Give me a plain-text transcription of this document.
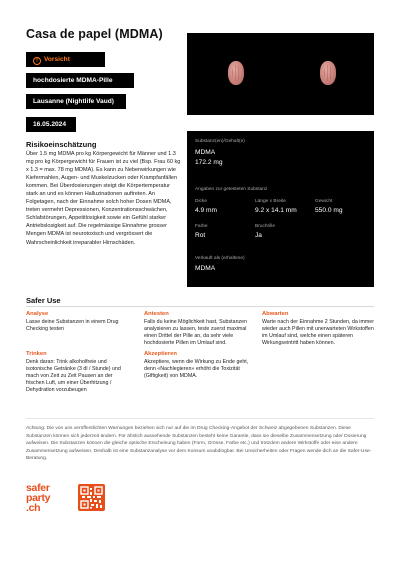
Casa de papel (MDMA)
! Vorsicht
hochdosierte MDMA-Pille
Lausanne (Nightlife Vaud)
16.05.2024
Risikoeinschätzung
Über 1.5 mg MDMA pro kg Körpergewicht für Männer und 1.3 mg pro kg Körpergewicht für Frauen ist zu viel (Bsp. Frau 60 kg x 1.3 = max. 78 mg MDMA). Es kann zu Nebenwirkungen wie Kiefermahlen, Augen- und Muskelzucken oder Krampfanfällen kommen. Bei Überdosierungen steigt die Körpertemperatur stark an und es können Halluzinationen auftreten. An Folgetagen, nach der Einnahme solch hoher Dosen MDMA, treten vermehrt Depressionen, Konzentrationsschwächen, Schlafstörungen, Appetitlosigkeit sowie ein Gefühl starker Antriebslosigkeit auf. Die regelmässige Einnahme grosser Mengen MDMA ist neurotoxisch und vergrössert die Wahrscheinlichkeit irreparabler Hirnschäden.
Substanz(en)/Gehalt(e)
MDMA
172.2 mg
Angaben zur getesteten Substanz
Dicke
4.9 mm
Länge x Breite
9.2 x 14.1 mm
Gewicht
550.0 mg
Farbe
Rot
Bruchrille
Ja
Verkauft als (erhaltene)
MDMA
Safer Use
Analyse
Lasse deine Substanzen in einem Drug Checking testen
Antesten
Falls du keine Möglichkeit hast, Substanzen analysieren zu lassen, teste zuerst maximal einen Drittel der Pille an, da sehr viele hochdosierte Pillen im Umlauf sind.
Abwarten
Warte nach der Einnahme 2 Stunden, da immer wieder auch Pillen mit unerwarteten Wirkstoffen im Umlauf sind, welche einen späteren Wirkungseintritt haben können.
Trinken
Denk daran: Trink alkoholfreie und isotonische Getränke (3 dl / Stunde) und mach von Zeit zu Zeit Pausen an der frischen Luft, um einer Überhitzung / Dehydration vorzubeugen
Akzeptieren
Akzeptiere, wenn die Wirkung zu Ende geht, denn «Nachlegieren» erhöht die Toxizität (Giftigkeit) von MDMA.
Achtung: Die von uns veröffentlichten Warnungen beziehen sich nur auf die im Drug Checking-Angebot der Schweiz abgegebenen Substanzen. Diese Substanzen können sich jederzeit ändern. Für ähnlich aussehende Substanzen besteht keine Garantie, dass sie dieselbe Zusammensetzung oder Dosierung aufweisen. Die Substanzen können die gleiche optische Erscheinung haben (Form, Grösse, Farbe etc.) und trotzdem andere Wirkstoffe oder eine andere Zusammensetzung aufweisen. Deshalb ist eine Substanzanalyse vor dem Konsum unabdingbar. Bei Unsicherheiten oder Fragen wende dich an die Safer-Use-Beratung.
safer
party
.ch
